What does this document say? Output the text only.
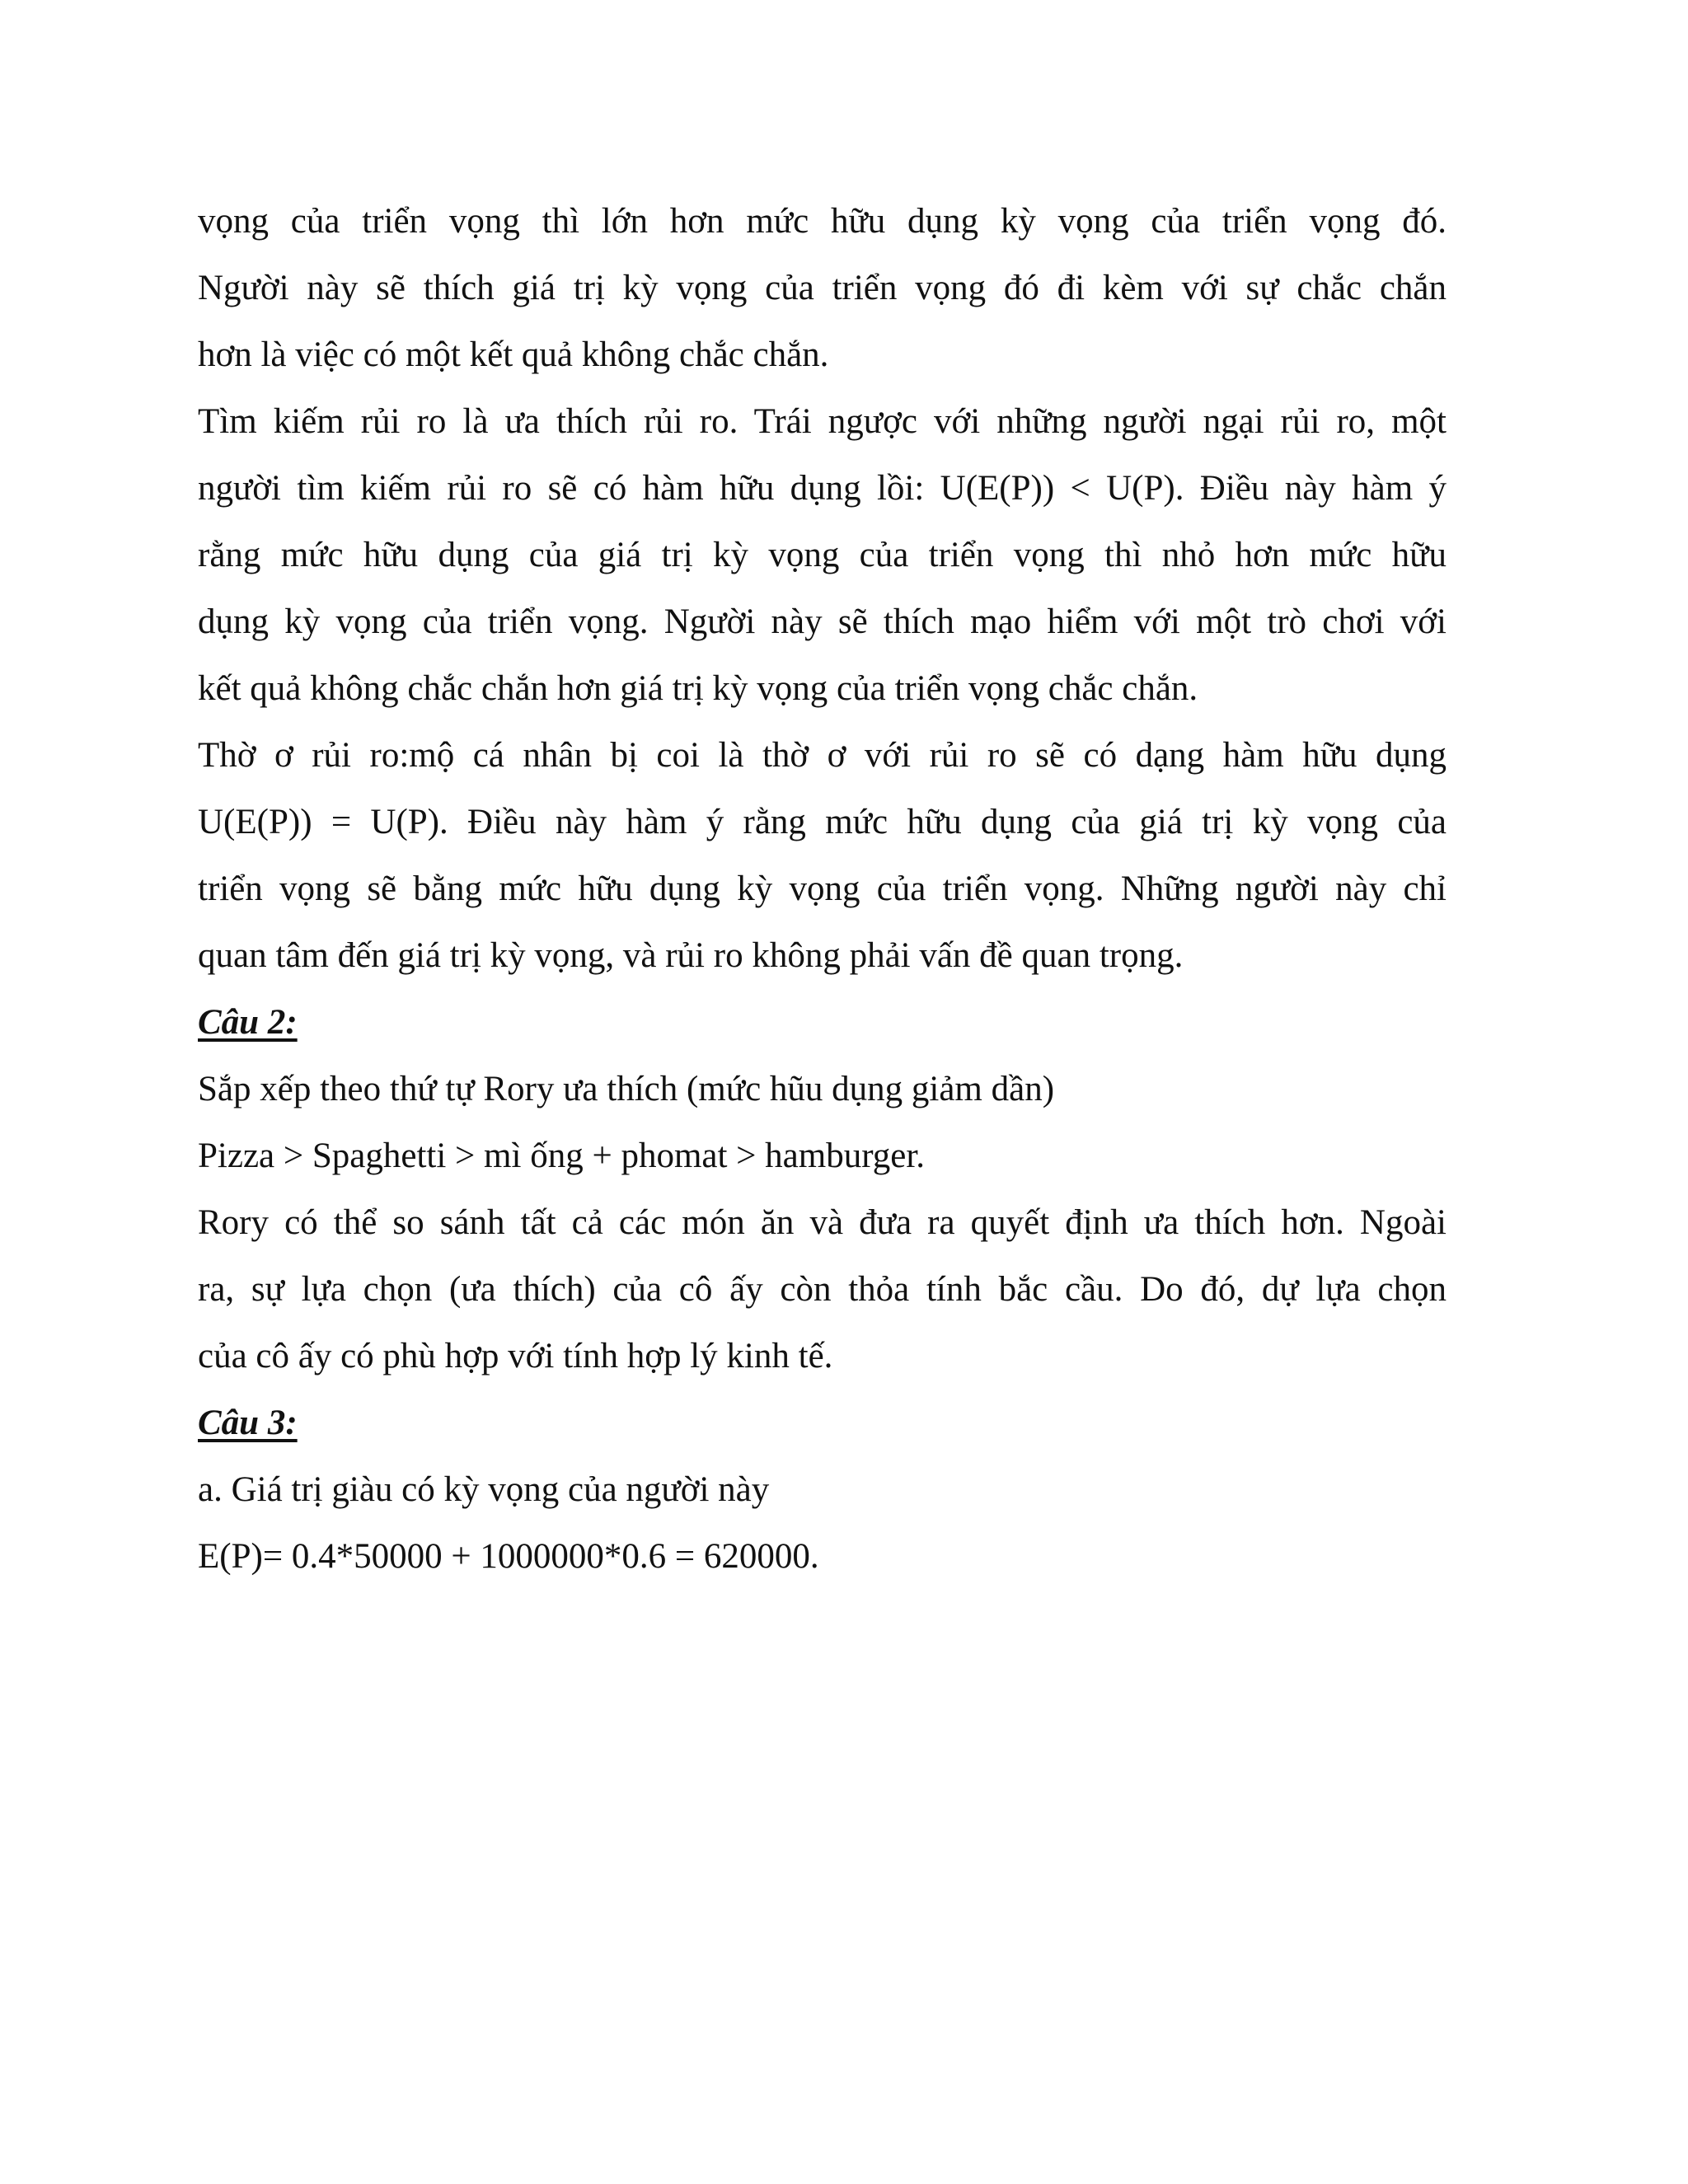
vọng của triển vọng thì lớn hơn mức hữu dụng kỳ vọng của triển vọng đó.
Người này sẽ thích giá trị kỳ vọng của triển vọng đó đi kèm với sự chắc chắn
hơn là việc có một kết quả không chắc chắn.
Tìm kiếm rủi ro là ưa thích rủi ro. Trái ngược với những người ngại rủi ro, một
người tìm kiếm rủi ro sẽ có hàm hữu dụng lồi: U(E(P)) < U(P). Điều này hàm ý
rằng mức hữu dụng của giá trị kỳ vọng của triển vọng thì nhỏ hơn mức hữu
dụng kỳ vọng của triển vọng. Người này sẽ thích mạo hiểm với một trò chơi với
kết quả không chắc chắn hơn giá trị kỳ vọng của triển vọng chắc chắn.
Thờ ơ rủi ro:mộ cá nhân bị coi là thờ ơ với rủi ro sẽ có dạng hàm hữu dụng
U(E(P)) = U(P). Điều này hàm ý rằng mức hữu dụng của giá trị kỳ vọng của
triển vọng sẽ bằng mức hữu dụng kỳ vọng của triển vọng. Những người này chỉ
quan tâm đến giá trị kỳ vọng, và rủi ro không phải vấn đề quan trọng.
Câu 2:
Sắp xếp theo thứ tự Rory ưa thích (mức hũu dụng giảm dần)
Pizza > Spaghetti > mì ống + phomat > hamburger.
Rory có thể so sánh tất cả các món ăn và đưa ra quyết định ưa thích hơn. Ngoài
ra, sự lựa chọn (ưa thích) của cô ấy còn thỏa tính bắc cầu. Do đó, dự lựa chọn
của cô ấy có phù hợp với tính hợp lý kinh tế.
Câu 3:
a. Giá trị giàu có kỳ vọng của người này
E(P)= 0.4*50000 + 1000000*0.6 = 620000.
